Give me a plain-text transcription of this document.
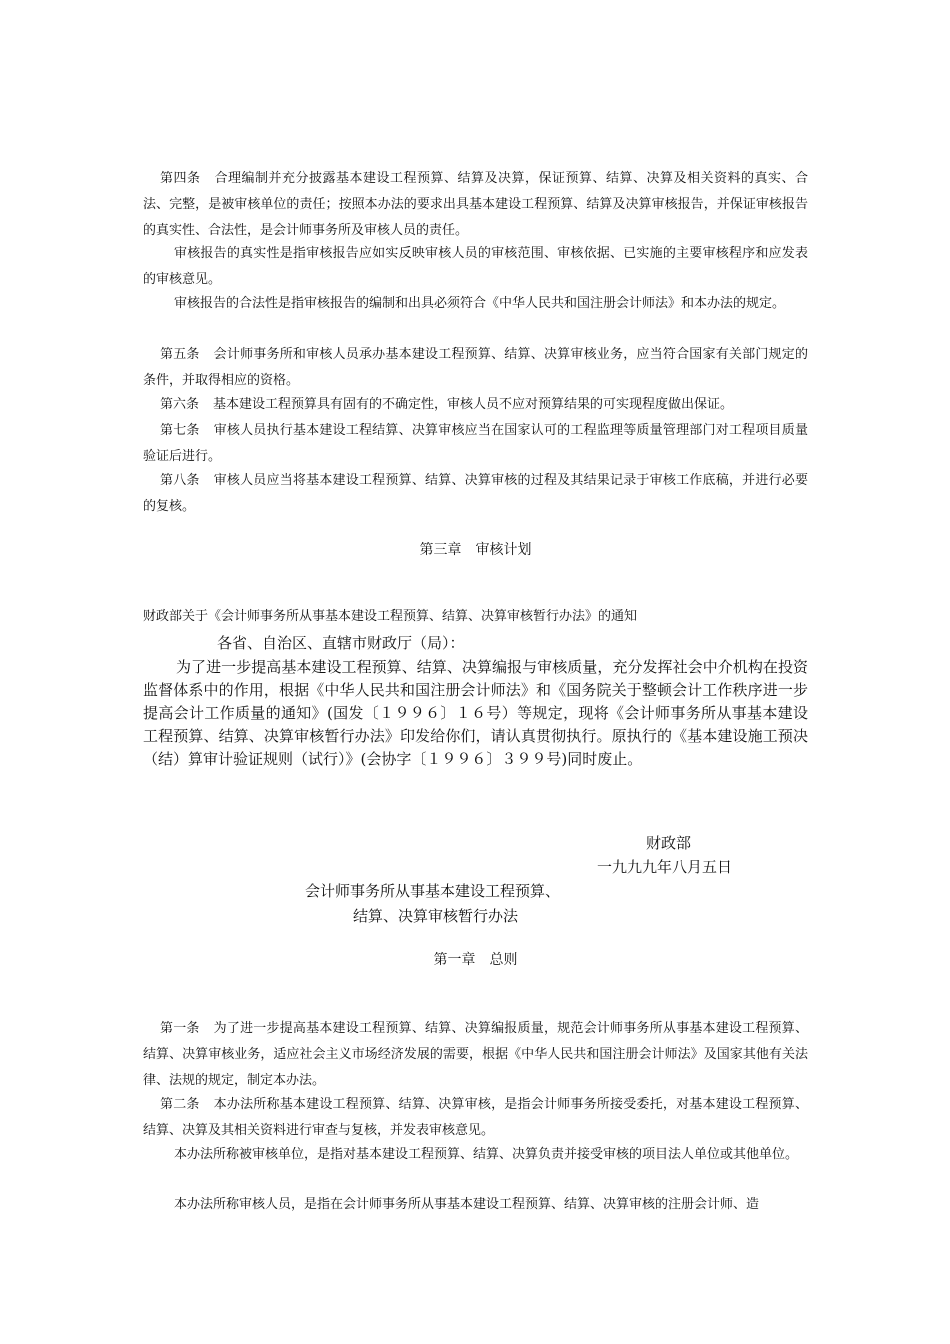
第四条 合理编制并充分披露基本建设工程预算、结算及决算，保证预算、结算、决算及相关资料的真实、合法、完整，是被审核单位的责任；按照本办法的要求出具基本建设工程预算、结算及决算审核报告，并保证审核报告的真实性、合法性，是会计师事务所及审核人员的责任。

审核报告的真实性是指审核报告应如实反映审核人员的审核范围、审核依据、已实施的主要审核程序和应发表的审核意见。

审核报告的合法性是指审核报告的编制和出具必须符合《中华人民共和国注册会计师法》和本办法的规定。

第五条 会计师事务所和审核人员承办基本建设工程预算、结算、决算审核业务，应当符合国家有关部门规定的条件，并取得相应的资格。

第六条 基本建设工程预算具有固有的不确定性，审核人员不应对预算结果的可实现程度做出保证。

第七条 审核人员执行基本建设工程结算、决算审核应当在国家认可的工程监理等质量管理部门对工程项目质量验证后进行。

第八条 审核人员应当将基本建设工程预算、结算、决算审核的过程及其结果记录于审核工作底稿，并进行必要的复核。

第三章　审核计划

财政部关于《会计师事务所从事基本建设工程预算、结算、决算审核暂行办法》的通知

各省、自治区、直辖市财政厅（局）：

为了进一步提高基本建设工程预算、结算、决算编报与审核质量，充分发挥社会中介机构在投资监督体系中的作用，根据《中华人民共和国注册会计师法》和《国务院关于整顿会计工作秩序进一步提高会计工作质量的通知》(国发〔１９９６〕１６号）等规定，现将《会计师事务所从事基本建设工程预算、结算、决算审核暂行办法》印发给你们，请认真贯彻执行。原执行的《基本建设施工预决（结）算审计验证规则（试行）》(会协字〔１９９６〕３９９号)同时废止。

财政部

一九九九年八月五日

会计师事务所从事基本建设工程预算、

结算、决算审核暂行办法

第一章　总则

第一条 为了进一步提高基本建设工程预算、结算、决算编报质量，规范会计师事务所从事基本建设工程预算、结算、决算审核业务，适应社会主义市场经济发展的需要，根据《中华人民共和国注册会计师法》及国家其他有关法律、法规的规定，制定本办法。

第二条 本办法所称基本建设工程预算、结算、决算审核，是指会计师事务所接受委托，对基本建设工程预算、结算、决算及其相关资料进行审查与复核，并发表审核意见。

本办法所称被审核单位，是指对基本建设工程预算、结算、决算负责并接受审核的项目法人单位或其他单位。

本办法所称审核人员，是指在会计师事务所从事基本建设工程预算、结算、决算审核的注册会计师、造
